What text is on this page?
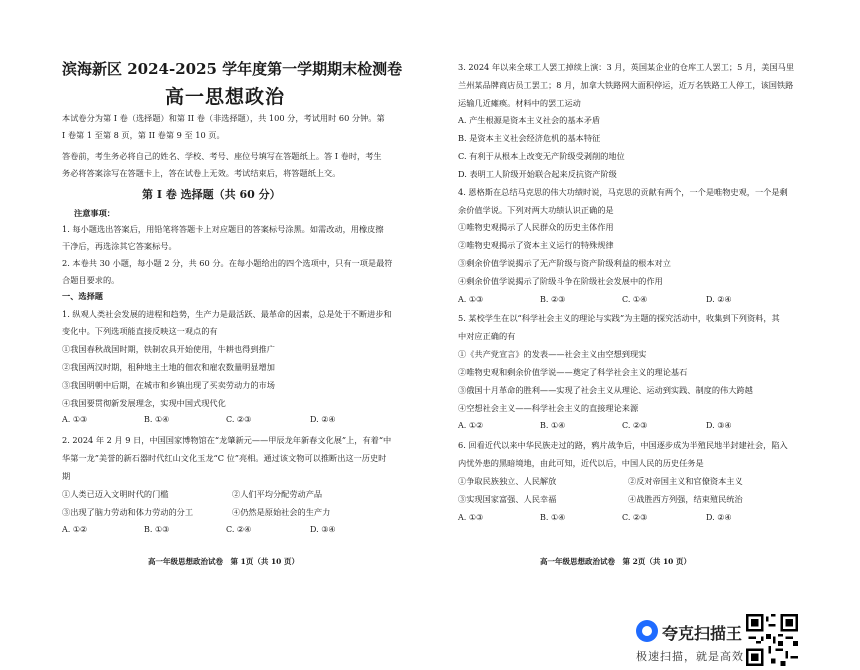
滨海新区 2024-2025 学年度第一学期期末检测卷
高一思想政治
本试卷分为第 I 卷（选择题）和第 II 卷（非选择题），共 100 分，考试用时 60 分钟。第
I 卷第 1 至第 8 页，第 II 卷第 9 至 10 页。
答卷前，考生务必将自己的姓名、学校、考号、座位号填写在答题纸上。答 I 卷时，考生
务必将答案涂写在答题卡上，答在试卷上无效。考试结束后，将答题纸上交。
第 I 卷 选择题（共 60 分）
注意事项：
1. 每小题选出答案后，用铅笔将答题卡上对应题目的答案标号涂黑。如需改动，用橡皮擦
干净后，再选涂其它答案标号。
2. 本卷共 30 小题，每小题 2 分，共 60 分。在每小题给出的四个选项中，只有一项是最符
合题目要求的。
一、选择题
1. 纵观人类社会发展的进程和趋势，生产力是最活跃、最革命的因素，总是处于不断进步和
变化中。下列选项能直接反映这一观点的有
①我国春秋战国时期，铁制农具开始使用，牛耕也得到推广
②我国两汉时期，租种地主土地的佃农和雇农数量明显增加
③我国明朝中后期，在城市和乡镇出现了买卖劳动力的市场
④我国要贯彻新发展理念，实现中国式现代化
A. ①③	B. ①④	C. ②③	D. ②④
2. 2024 年 2 月 9 日，中国国家博物馆在“龙肇新元——甲辰龙年新春文化展”上，有着“中
华第一龙”美誉的新石器时代红山文化玉龙“C 位”亮相。通过该文物可以推断出这一历史时
期
①人类已迈入文明时代的门槛	②人们平均分配劳动产品
③出现了脑力劳动和体力劳动的分工	④仍然是原始社会的生产力
A. ①②	B. ①③	C. ②④	D. ③④
高一年级思想政治试卷　第 1页（共 10 页）
3. 2024 年以来全球工人罢工掉续上演：3 月，英国某企业的仓库工人罢工；5 月，美国马里
兰州某品牌商店员工罢工；8 月，加拿大铁路网大面积停运，近万名铁路工人停工，该国铁路
运输几近瘫痪。材料中的罢工运动
A. 产生根源是资本主义社会的基本矛盾
B. 是资本主义社会经济危机的基本特征
C. 有利于从根本上改变无产阶级受剥削的地位
D. 表明工人阶级开始联合起来反抗资产阶级
4. 恩格斯在总结马克思的伟大功绩时说，马克思的贡献有两个，一个是唯物史观，一个是剩
余价值学说。下列对两大功绩认识正确的是
①唯物史观揭示了人民群众的历史主体作用
②唯物史观揭示了资本主义运行的特殊规律
③剩余价值学说揭示了无产阶级与资产阶级利益的根本对立
④剩余价值学说揭示了阶级斗争在阶级社会发展中的作用
A. ①③	B. ②③	C. ①④	D. ②④
5. 某校学生在以“科学社会主义的理论与实践”为主题的探究活动中，收集到下列资料，其
中对应正确的有
①《共产党宣言》的发表——社会主义由空想到现实
②唯物史观和剩余价值学说——奠定了科学社会主义的理论基石
③俄国十月革命的胜利——实现了社会主义从理论、运动到实践、制度的伟大跨越
④空想社会主义——科学社会主义的直接理论来源
A. ①②	B. ①④	C. ②③	D. ③④
6. 回看近代以来中华民族走过的路，鸦片战争后，中国逐步成为半殖民地半封建社会，陷入
内忧外患的黑暗境地，由此可知，近代以后，中国人民的历史任务是
①争取民族独立、人民解放	②反对帝国主义和官僚资本主义
③实现国家富强、人民幸福	④战胜西方列强，结束殖民统治
A. ①③	B. ①④	C. ②③	D. ②④
高一年级思想政治试卷　第 2页（共 10 页）
夸克扫描王
极速扫描，就是高效
